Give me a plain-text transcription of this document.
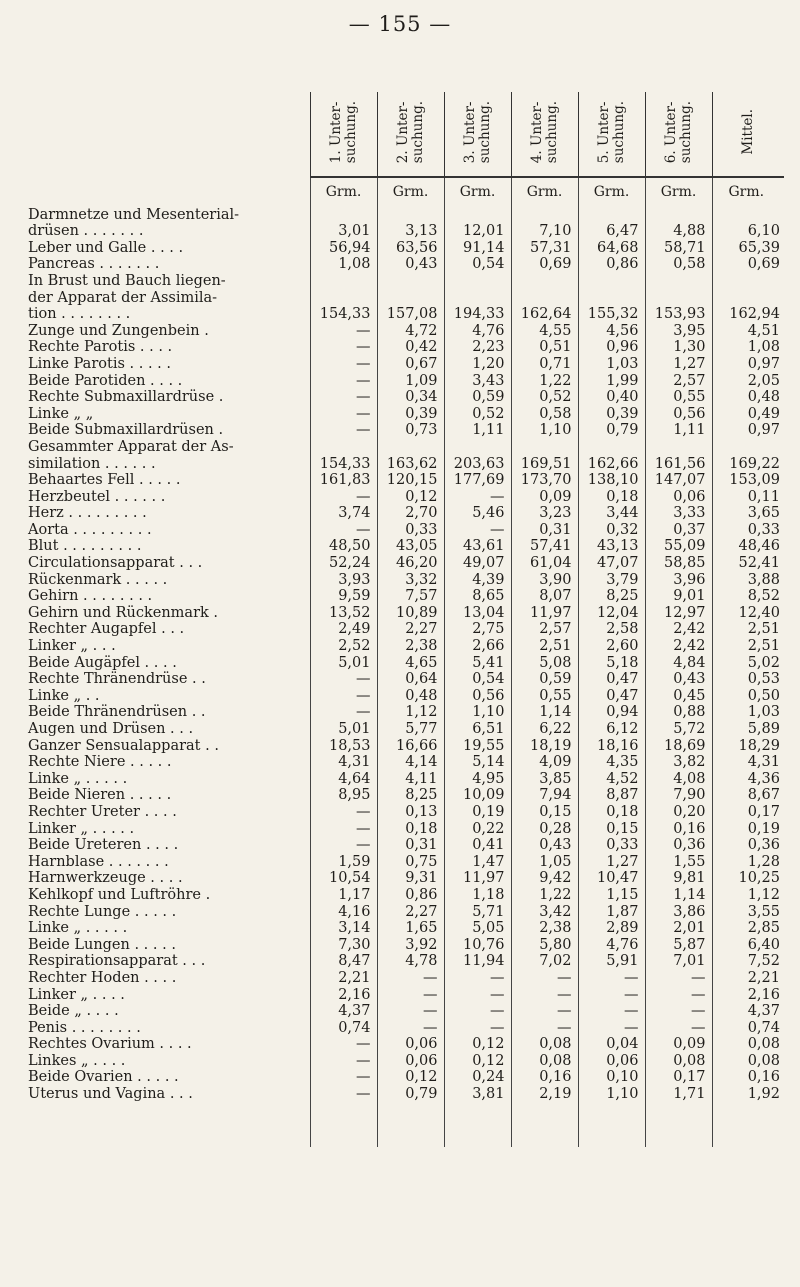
— 155 —
	1. Unter-
suchung.	2. Unter-
suchung.	3. Unter-
suchung.	4. Unter-
suchung.	5. Unter-
suchung.	6. Unter-
suchung.	Mittel.
	Grm.	Grm.	Grm.	Grm.	Grm.	Grm.	Grm.

Darmnetze und Mesenterial-
drüsen . . . . . . .	3,01	3,13	12,01	7,10	6,47	4,88	6,10

Leber und Galle . . . .	56,94	63,56	91,14	57,31	64,68	58,71	65,39

Pancreas . . . . . . .	1,08	0,43	0,54	0,69	0,86	0,58	0,69

In Brust und Bauch liegen-
der Apparat der Assimila-
tion . . . . . . . .	154,33	157,08	194,33	162,64	155,32	153,93	162,94

Zunge und Zungenbein .	—	4,72	4,76	4,55	4,56	3,95	4,51

Rechte Parotis . . . .	—	0,42	2,23	0,51	0,96	1,30	1,08

Linke Parotis . . . . .	—	0,67	1,20	0,71	1,03	1,27	0,97

Beide Parotiden . . . .	—	1,09	3,43	1,22	1,99	2,57	2,05

Rechte Submaxillardrüse .	—	0,34	0,59	0,52	0,40	0,55	0,48

Linke „ „	—	0,39	0,52	0,58	0,39	0,56	0,49

Beide Submaxillardrüsen .	—	0,73	1,11	1,10	0,79	1,11	0,97

Gesammter Apparat der As-
similation . . . . . .	154,33	163,62	203,63	169,51	162,66	161,56	169,22

Behaartes Fell . . . . .	161,83	120,15	177,69	173,70	138,10	147,07	153,09

Herzbeutel . . . . . .	—	0,12	—	0,09	0,18	0,06	0,11

Herz . . . . . . . . .	3,74	2,70	5,46	3,23	3,44	3,33	3,65

Aorta . . . . . . . . .	—	0,33	—	0,31	0,32	0,37	0,33

Blut . . . . . . . . .	48,50	43,05	43,61	57,41	43,13	55,09	48,46

Circulationsapparat . . .	52,24	46,20	49,07	61,04	47,07	58,85	52,41

Rückenmark . . . . .	3,93	3,32	4,39	3,90	3,79	3,96	3,88

Gehirn . . . . . . . .	9,59	7,57	8,65	8,07	8,25	9,01	8,52

Gehirn und Rückenmark .	13,52	10,89	13,04	11,97	12,04	12,97	12,40

Rechter Augapfel . . .	2,49	2,27	2,75	2,57	2,58	2,42	2,51

Linker „ . . .	2,52	2,38	2,66	2,51	2,60	2,42	2,51

Beide Augäpfel . . . .	5,01	4,65	5,41	5,08	5,18	4,84	5,02

Rechte Thränendrüse . .	—	0,64	0,54	0,59	0,47	0,43	0,53

Linke „ . .	—	0,48	0,56	0,55	0,47	0,45	0,50

Beide Thränendrüsen . .	—	1,12	1,10	1,14	0,94	0,88	1,03

Augen und Drüsen . . .	5,01	5,77	6,51	6,22	6,12	5,72	5,89

Ganzer Sensualapparat . .	18,53	16,66	19,55	18,19	18,16	18,69	18,29

Rechte Niere . . . . .	4,31	4,14	5,14	4,09	4,35	3,82	4,31

Linke „ . . . . .	4,64	4,11	4,95	3,85	4,52	4,08	4,36

Beide Nieren . . . . .	8,95	8,25	10,09	7,94	8,87	7,90	8,67

Rechter Ureter . . . .	—	0,13	0,19	0,15	0,18	0,20	0,17

Linker „ . . . . .	—	0,18	0,22	0,28	0,15	0,16	0,19

Beide Ureteren . . . .	—	0,31	0,41	0,43	0,33	0,36	0,36

Harnblase . . . . . . .	1,59	0,75	1,47	1,05	1,27	1,55	1,28

Harnwerkzeuge . . . .	10,54	9,31	11,97	9,42	10,47	9,81	10,25

Kehlkopf und Luftröhre .	1,17	0,86	1,18	1,22	1,15	1,14	1,12

Rechte Lunge . . . . .	4,16	2,27	5,71	3,42	1,87	3,86	3,55

Linke „ . . . . .	3,14	1,65	5,05	2,38	2,89	2,01	2,85

Beide Lungen . . . . .	7,30	3,92	10,76	5,80	4,76	5,87	6,40

Respirationsapparat . . .	8,47	4,78	11,94	7,02	5,91	7,01	7,52

Rechter Hoden . . . .	2,21	—	—	—	—	—	2,21

Linker „ . . . .	2,16	—	—	—	—	—	2,16

Beide „ . . . .	4,37	—	—	—	—	—	4,37

Penis . . . . . . . .	0,74	—	—	—	—	—	0,74

Rechtes Ovarium . . . .	—	0,06	0,12	0,08	0,04	0,09	0,08

Linkes „ . . . .	—	0,06	0,12	0,08	0,06	0,08	0,08

Beide Ovarien . . . . .	—	0,12	0,24	0,16	0,10	0,17	0,16

Uterus und Vagina . . .	—	0,79	3,81	2,19	1,10	1,71	1,92
